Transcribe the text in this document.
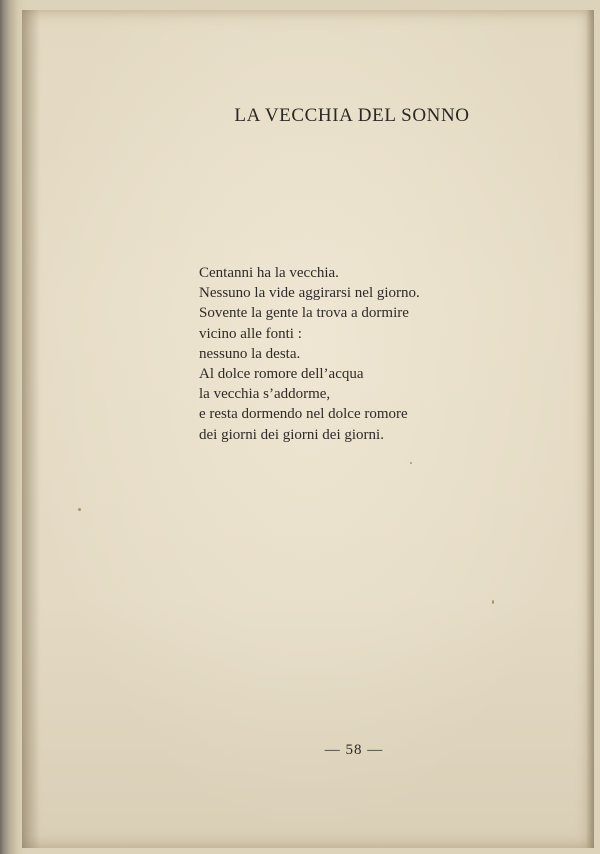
LA VECCHIA DEL SONNO
Centanni ha la vecchia.
Nessuno la vide aggirarsi nel giorno.
Sovente la gente la trova a dormire
vicino alle fonti :
nessuno la desta.
Al dolce romore dell’acqua
la vecchia s’addorme,
e resta dormendo nel dolce romore
dei giorni dei giorni dei giorni.
— 58 —
